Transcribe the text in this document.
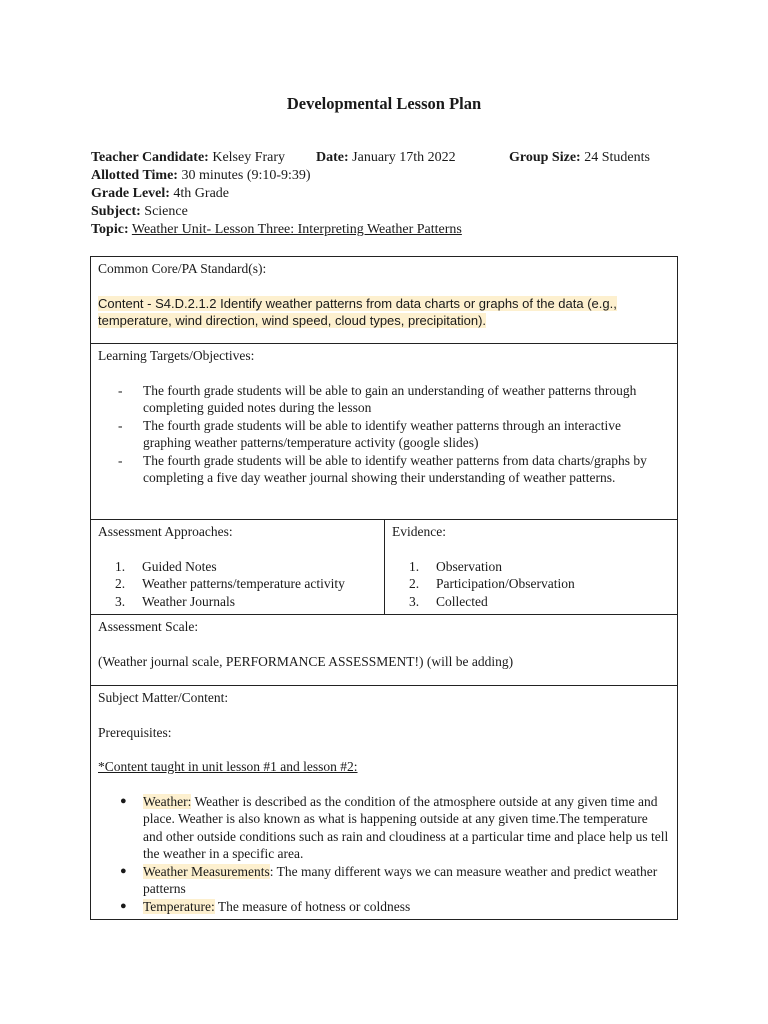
Developmental Lesson Plan
Teacher Candidate: Kelsey Frary Date: January 17th 2022	Group Size: 24 Students
Allotted Time: 30 minutes (9:10-9:39)
Grade Level: 4th Grade
Subject: Science
Topic: Weather Unit- Lesson Three: Interpreting Weather Patterns
Common Core/PA Standard(s):
Content - S4.D.2.1.2 Identify weather patterns from data charts or graphs of the data (e.g., temperature, wind direction, wind speed, cloud types, precipitation).

Learning Targets/Objectives:
- The fourth grade students will be able to gain an understanding of weather patterns through completing guided notes during the lesson
- The fourth grade students will be able to identify weather patterns through an interactive graphing weather patterns/temperature activity (google slides)
- The fourth grade students will be able to identify weather patterns from data charts/graphs by completing a five day weather journal showing their understanding of weather patterns.

Assessment Approaches:
1. Guided Notes
2. Weather patterns/temperature activity
3. Weather Journals

Evidence:
1. Observation
2. Participation/Observation
3. Collected

Assessment Scale:
(Weather journal scale, PERFORMANCE ASSESSMENT!) (will be adding)

Subject Matter/Content:
Prerequisites:
*Content taught in unit lesson #1 and lesson #2:
● Weather: Weather is described as the condition of the atmosphere outside at any given time and place. Weather is also known as what is happening outside at any given time.The temperature and other outside conditions such as rain and cloudiness at a particular time and place help us tell the weather in a specific area.
● Weather Measurements: The many different ways we can measure weather and predict weather patterns
● Temperature: The measure of hotness or coldness
